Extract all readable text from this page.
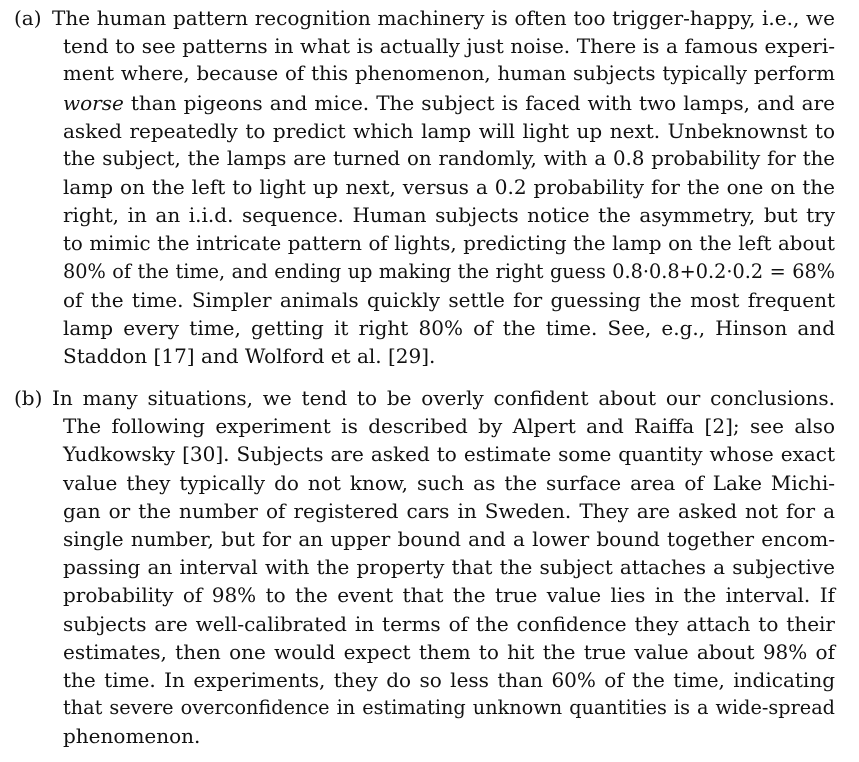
(a) The human pattern recognition machinery is often too trigger-happy, i.e., we
tend to see patterns in what is actually just noise. There is a famous experi-
ment where, because of this phenomenon, human subjects typically perform
worse than pigeons and mice. The subject is faced with two lamps, and are
asked repeatedly to predict which lamp will light up next. Unbeknownst to
the subject, the lamps are turned on randomly, with a 0.8 probability for the
lamp on the left to light up next, versus a 0.2 probability for the one on the
right, in an i.i.d. sequence. Human subjects notice the asymmetry, but try
to mimic the intricate pattern of lights, predicting the lamp on the left about
80% of the time, and ending up making the right guess 0.8·0.8+0.2·0.2 = 68%
of the time. Simpler animals quickly settle for guessing the most frequent
lamp every time, getting it right 80% of the time. See, e.g., Hinson and
Staddon [17] and Wolford et al. [29].
(b) In many situations, we tend to be overly confident about our conclusions.
The following experiment is described by Alpert and Raiffa [2]; see also
Yudkowsky [30]. Subjects are asked to estimate some quantity whose exact
value they typically do not know, such as the surface area of Lake Michi-
gan or the number of registered cars in Sweden. They are asked not for a
single number, but for an upper bound and a lower bound together encom-
passing an interval with the property that the subject attaches a subjective
probability of 98% to the event that the true value lies in the interval. If
subjects are well-calibrated in terms of the confidence they attach to their
estimates, then one would expect them to hit the true value about 98% of
the time. In experiments, they do so less than 60% of the time, indicating
that severe overconfidence in estimating unknown quantities is a wide-spread
phenomenon.
